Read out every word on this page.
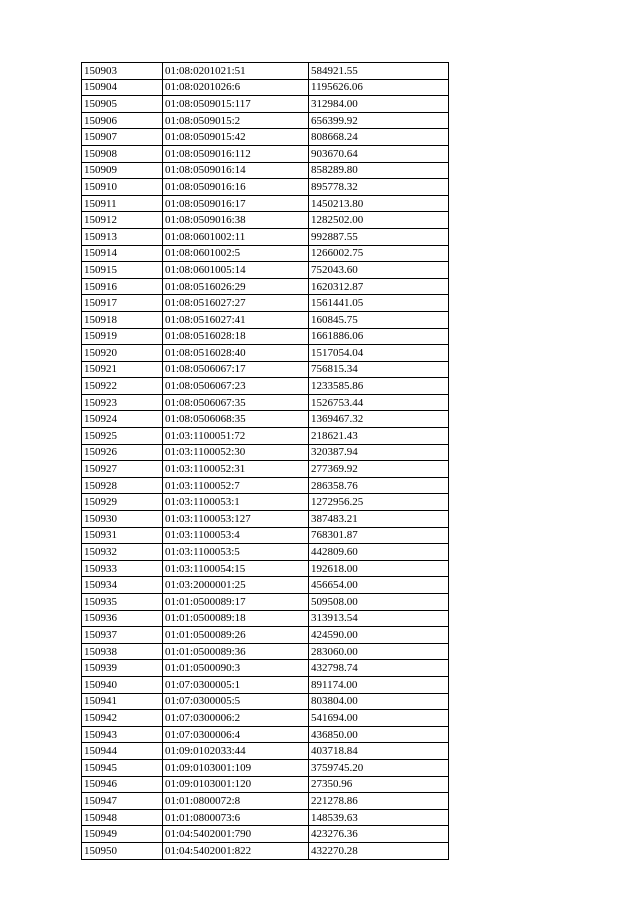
150903	01:08:0201021:51	584921.55
150904	01:08:0201026:6	1195626.06
150905	01:08:0509015:117	312984.00
150906	01:08:0509015:2	656399.92
150907	01:08:0509015:42	808668.24
150908	01:08:0509016:112	903670.64
150909	01:08:0509016:14	858289.80
150910	01:08:0509016:16	895778.32
150911	01:08:0509016:17	1450213.80
150912	01:08:0509016:38	1282502.00
150913	01:08:0601002:11	992887.55
150914	01:08:0601002:5	1266002.75
150915	01:08:0601005:14	752043.60
150916	01:08:0516026:29	1620312.87
150917	01:08:0516027:27	1561441.05
150918	01:08:0516027:41	160845.75
150919	01:08:0516028:18	1661886.06
150920	01:08:0516028:40	1517054.04
150921	01:08:0506067:17	756815.34
150922	01:08:0506067:23	1233585.86
150923	01:08:0506067:35	1526753.44
150924	01:08:0506068:35	1369467.32
150925	01:03:1100051:72	218621.43
150926	01:03:1100052:30	320387.94
150927	01:03:1100052:31	277369.92
150928	01:03:1100052:7	286358.76
150929	01:03:1100053:1	1272956.25
150930	01:03:1100053:127	387483.21
150931	01:03:1100053:4	768301.87
150932	01:03:1100053:5	442809.60
150933	01:03:1100054:15	192618.00
150934	01:03:2000001:25	456654.00
150935	01:01:0500089:17	509508.00
150936	01:01:0500089:18	313913.54
150937	01:01:0500089:26	424590.00
150938	01:01:0500089:36	283060.00
150939	01:01:0500090:3	432798.74
150940	01:07:0300005:1	891174.00
150941	01:07:0300005:5	803804.00
150942	01:07:0300006:2	541694.00
150943	01:07:0300006:4	436850.00
150944	01:09:0102033:44	403718.84
150945	01:09:0103001:109	3759745.20
150946	01:09:0103001:120	27350.96
150947	01:01:0800072:8	221278.86
150948	01:01:0800073:6	148539.63
150949	01:04:5402001:790	423276.36
150950	01:04:5402001:822	432270.28
